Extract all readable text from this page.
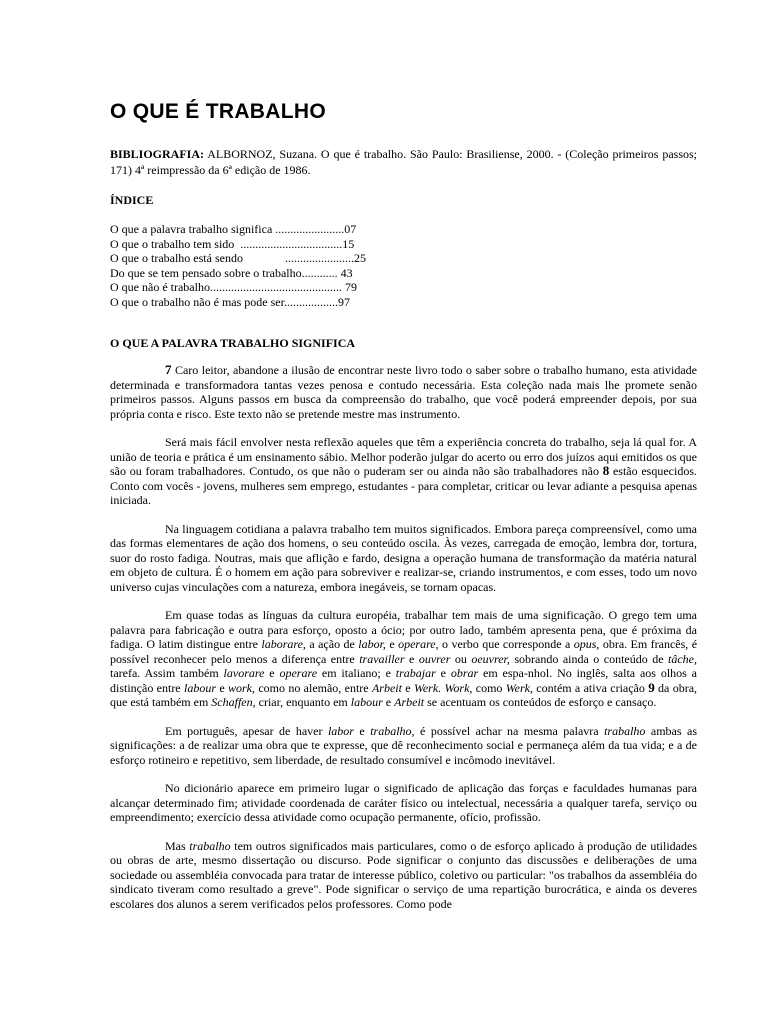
O QUE É TRABALHO

BIBLIOGRAFIA: ALBORNOZ, Suzana. O que é trabalho. São Paulo: Brasiliense, 2000. - (Coleção primeiros passos; 171) 4ª reimpressão da 6ª edição de 1986.

ÍNDICE

O que a palavra trabalho significa .......................07
O que o trabalho tem sido  ..................................15
O que o trabalho está sendo              .......................25
Do que se tem pensado sobre o trabalho............ 43
O que não é trabalho............................................ 79
O que o trabalho não é mas pode ser..................97

O QUE A PALAVRA TRABALHO SIGNIFICA

7 Caro leitor, abandone a ilusão de encontrar neste livro todo o saber sobre o trabalho humano, esta atividade determinada e transformadora tantas vezes penosa e contudo necessária. Esta coleção nada mais lhe promete senão primeiros passos. Alguns passos em busca da compreensão do trabalho, que você poderá empreender depois, por sua própria conta e risco. Este texto não se pretende mestre mas instrumento.

Será mais fácil envolver nesta reflexão aqueles que têm a experiência concreta do trabalho, seja lá qual for. A união de teoria e prática é um ensinamento sábio. Melhor poderão julgar do acerto ou erro dos juízos aqui emitidos os que são ou foram trabalhadores. Contudo, os que não o puderam ser ou ainda não são trabalhadores não 8 estão esquecidos. Conto com vocês - jovens, mulheres sem emprego, estudantes - para completar, criticar ou levar adiante a pesquisa apenas iniciada.

Na linguagem cotidiana a palavra trabalho tem muitos significados. Embora pareça compreensível, como uma das formas elementares de ação dos homens, o seu conteúdo oscila. Às vezes, carregada de emoção, lembra dor, tortura, suor do rosto fadiga. Noutras, mais que aflição e fardo, designa a operação humana de transformação da matéria natural em objeto de cultura. É o homem em ação para sobreviver e realizar-se, criando instrumentos, e com esses, todo um novo universo cujas vinculações com a natureza, embora inegáveis, se tornam opacas.

Em quase todas as línguas da cultura européia, trabalhar tem mais de uma significação. O grego tem uma palavra para fabricação e outra para esforço, oposto a ócio; por outro lado, também apresenta pena, que é próxima da fadiga. O latim distingue entre laborare, a ação de labor, e operare, o verbo que corresponde a opus, obra. Em francês, é possível reconhecer pelo menos a diferença entre travailler e ouvrer ou oeuvrer, sobrando ainda o conteúdo de tâche, tarefa. Assim também lavorare e operare em italiano; e trabajar e obrar em espa-nhol. No inglês, salta aos olhos a distinção entre labour e work, como no alemão, entre Arbeit e Werk. Work, como Werk, contém a ativa criação 9 da obra, que está também em Schaffen, criar, enquanto em labour e Arbeit se acentuam os conteúdos de esforço e cansaço.

Em português, apesar de haver labor e trabalho, é possível achar na mesma palavra trabalho ambas as significações: a de realizar uma obra que te expresse, que dê reconhecimento social e permaneça além da tua vida; e a de esforço rotineiro e repetitivo, sem liberdade, de resultado consumível e incômodo inevitável.

No dicionário aparece em primeiro lugar o significado de aplicação das forças e faculdades humanas para alcançar determinado fim; atividade coordenada de caráter físico ou intelectual, necessária a qualquer tarefa, serviço ou empreendimento; exercício dessa atividade como ocupação permanente, ofício, profissão.

Mas trabalho tem outros significados mais particulares, como o de esforço aplicado à produção de utilidades ou obras de arte, mesmo dissertação ou discurso. Pode significar o conjunto das discussões e deliberações de uma sociedade ou assembléia convocada para tratar de interesse público, coletivo ou particular: "os trabalhos da assembléia do sindicato tiveram como resultado a greve". Pode significar o serviço de uma repartição burocrática, e ainda os deveres escolares dos alunos a serem verificados pelos professores. Como pode
